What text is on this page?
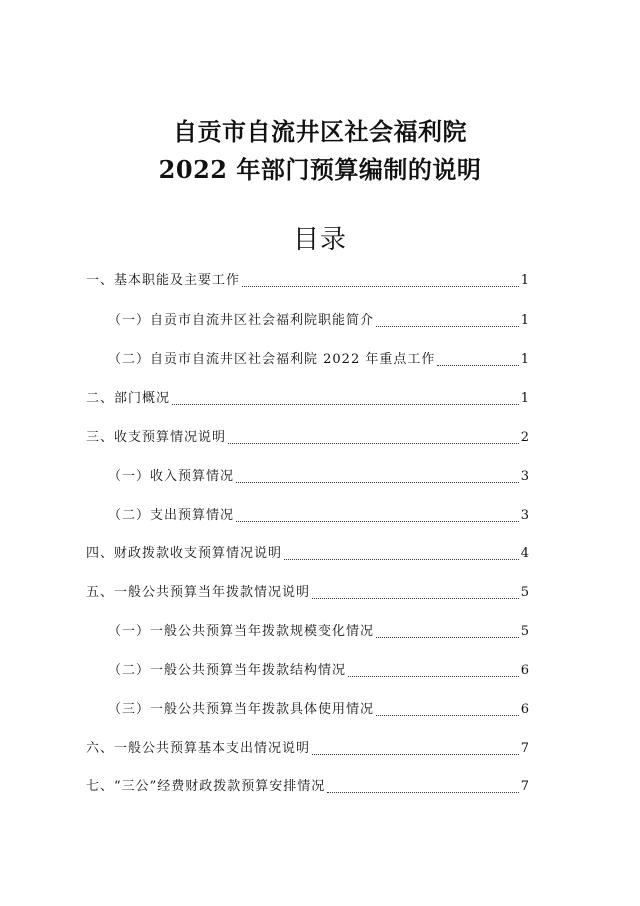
自贡市自流井区社会福利院
2022 年部门预算编制的说明
目录
一、基本职能及主要工作	1
（一）自贡市自流井区社会福利院职能简介	1
（二）自贡市自流井区社会福利院 2022 年重点工作	1
二、部门概况	1
三、收支预算情况说明	2
（一）收入预算情况	3
（二）支出预算情况	3
四、财政拨款收支预算情况说明	4
五、一般公共预算当年拨款情况说明	5
（一）一般公共预算当年拨款规模变化情况	5
（二）一般公共预算当年拨款结构情况	6
（三）一般公共预算当年拨款具体使用情况	6
六、一般公共预算基本支出情况说明	7
七、“三公”经费财政拨款预算安排情况	7
